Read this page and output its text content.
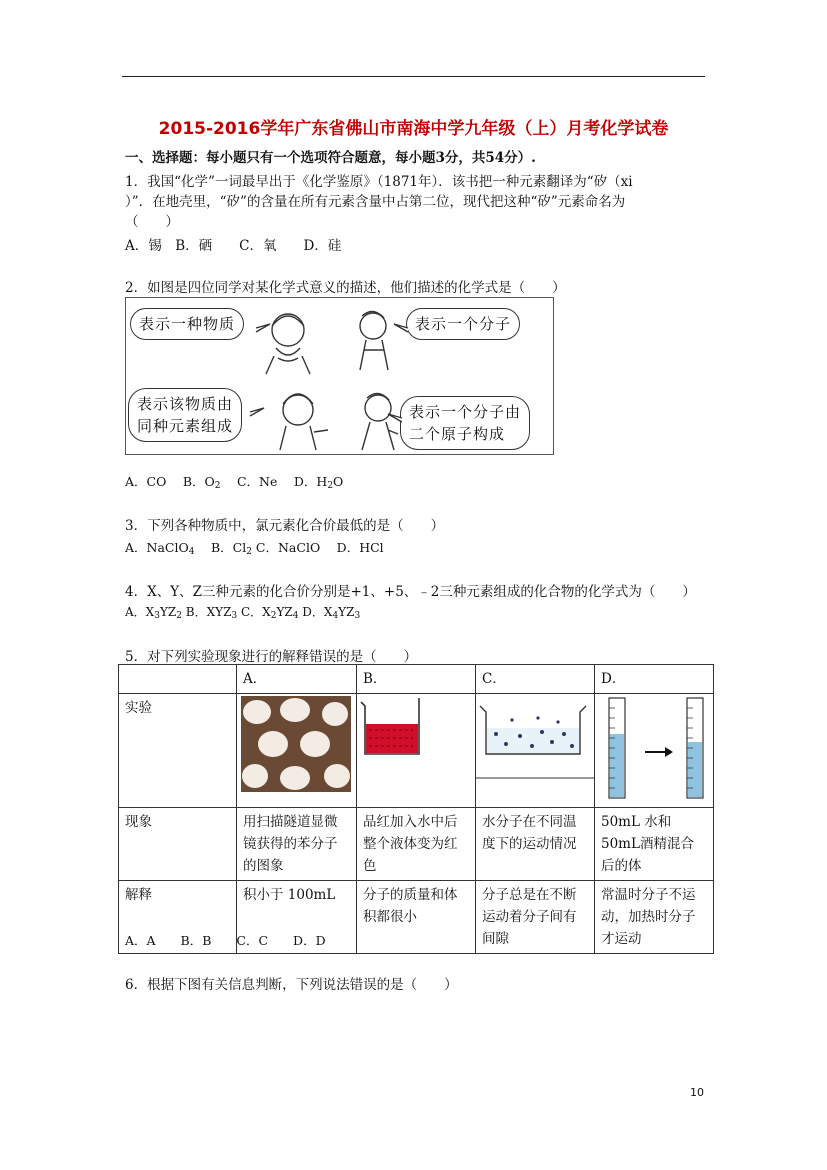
2015-2016学年广东省佛山市南海中学九年级（上）月考化学试卷
一、选择题：每小题只有一个选项符合题意，每小题3分，共54分）.
1．我国“化学”一词最早出于《化学鉴原》（1871年）．该书把一种元素翻译为“矽（xi
）”．在地壳里，“矽”的含量在所有元素含量中占第二位，现代把这种“矽”元素命名为
（　　）
A．锡　B．硒　　C．氧　　D．硅
2．如图是四位同学对某化学式意义的描述，他们描述的化学式是（　　）
表示一种物质	表示一个分子
表示该物质由
同种元素组成
表示一个分子由
二个原子构成
A．CO　 B．$O_2$　 C．Ne　 D．$H_2O$
3．下列各种物质中，氯元素化合价最低的是（　　）
A．NaClO$_4$　 B．$Cl_2$ C．NaClO　 D．HCl
4．X、Y、Z三种元素的化合价分别是+1、+5、﹣2三种元素组成的化合物的化学式为（　　）
A．$X_3YZ_2$ B．$XYZ_3$ C．$X_2YZ_4$ D．$X_4YZ_3$
5．对下列实验现象进行的解释错误的是（　　）
	A．	B．	C．	D．
实验				
现象	用扫描隧道显微镜获得的苯分子的图象	品红加入水中后整个液体变为红色	水分子在不同温度下的运动情况	50mL 水和 50mL酒精混合后的体
解释	积小于 100mL	分子的质量和体积都很小	分子总是在不断运动着分子间有间隙	常温时分子不运动，加热时分子才运动
A．A　　B．B　　C．C　　D．D
6．根据下图有关信息判断，下列说法错误的是（　　）
10
